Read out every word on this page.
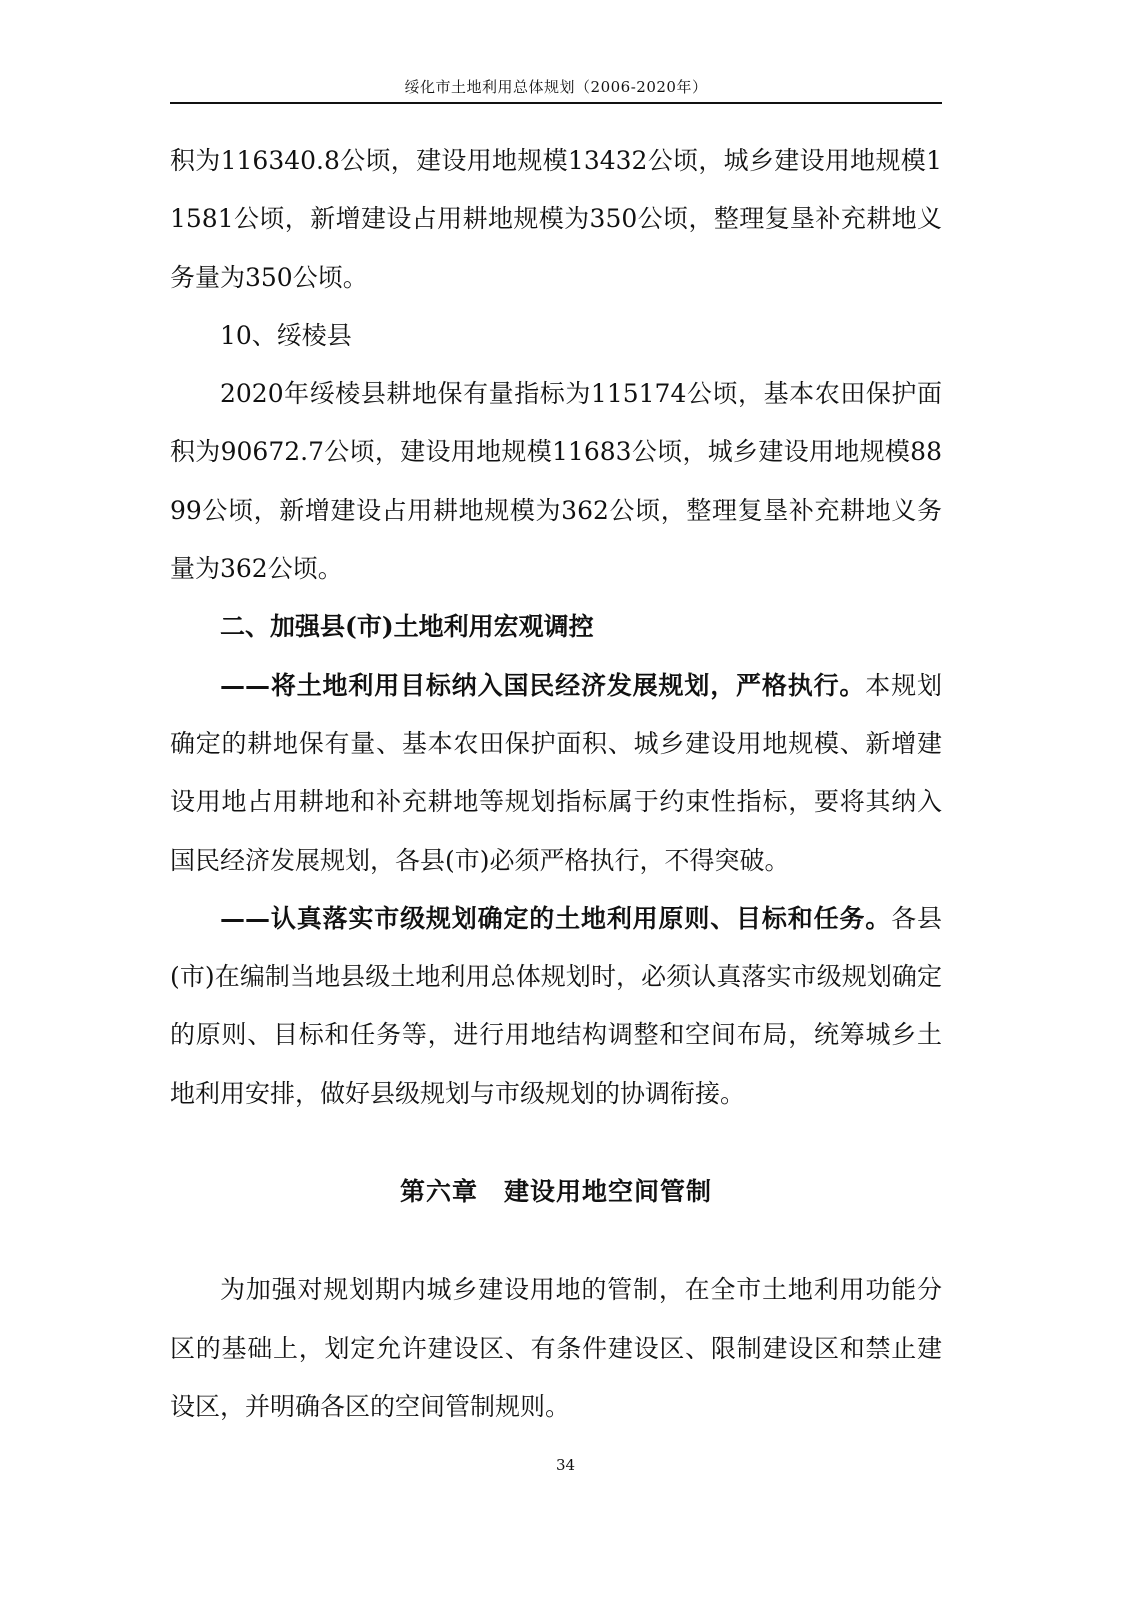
绥化市土地利用总体规划（2006-2020年）

积为116340.8公顷，建设用地规模13432公顷，城乡建设用地规模11581公顷，新增建设占用耕地规模为350公顷，整理复垦补充耕地义务量为350公顷。

10、绥棱县

2020年绥棱县耕地保有量指标为115174公顷，基本农田保护面积为90672.7公顷，建设用地规模11683公顷，城乡建设用地规模8899公顷，新增建设占用耕地规模为362公顷，整理复垦补充耕地义务量为362公顷。

二、加强县(市)土地利用宏观调控

——将土地利用目标纳入国民经济发展规划，严格执行。本规划确定的耕地保有量、基本农田保护面积、城乡建设用地规模、新增建设用地占用耕地和补充耕地等规划指标属于约束性指标，要将其纳入国民经济发展规划，各县(市)必须严格执行，不得突破。

——认真落实市级规划确定的土地利用原则、目标和任务。各县(市)在编制当地县级土地利用总体规划时，必须认真落实市级规划确定的原则、目标和任务等，进行用地结构调整和空间布局，统筹城乡土地利用安排，做好县级规划与市级规划的协调衔接。

第六章　建设用地空间管制

为加强对规划期内城乡建设用地的管制，在全市土地利用功能分区的基础上，划定允许建设区、有条件建设区、限制建设区和禁止建设区，并明确各区的空间管制规则。

34
